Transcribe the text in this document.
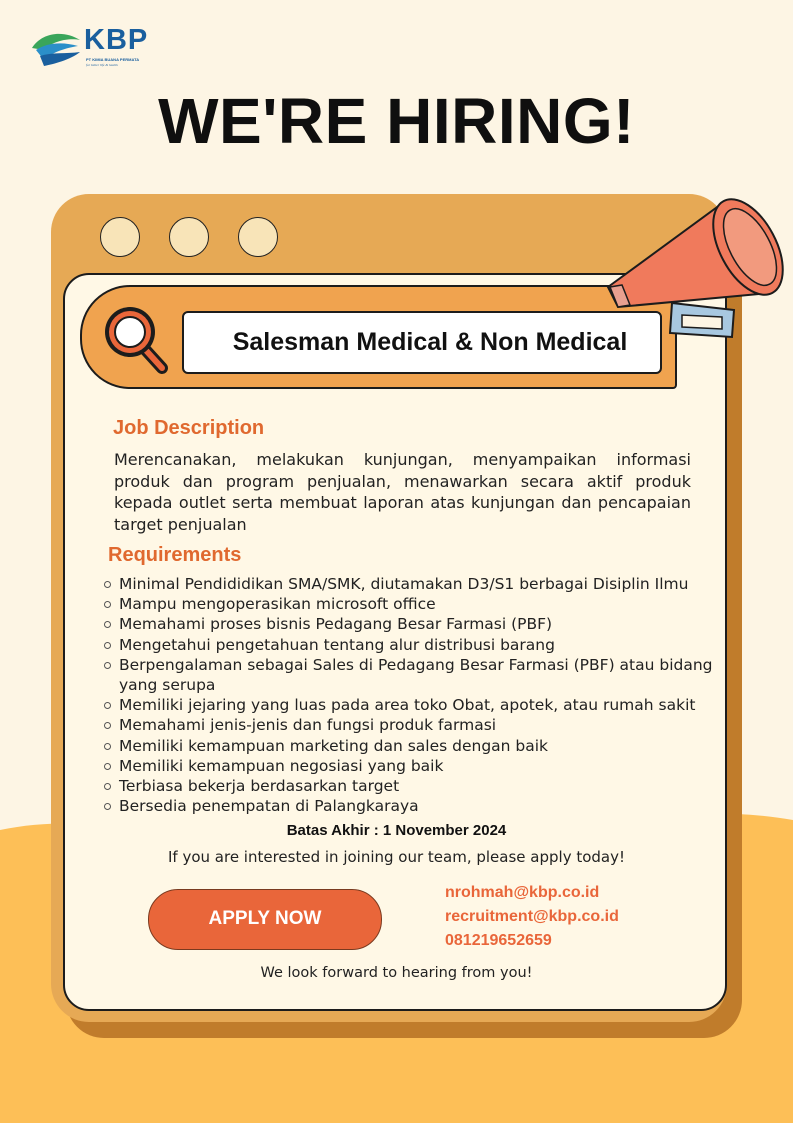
KBP
PT KIMIA BUANA PERMATA
for better life & health
WE'RE HIRING!
Salesman Medical & Non Medical
Job Description
Merencanakan, melakukan kunjungan, menyampaikan informasi produk dan program penjualan, menawarkan secara aktif produk kepada outlet serta membuat laporan atas kunjungan dan pencapaian target penjualan
Requirements
Minimal Pendididikan SMA/SMK, diutamakan D3/S1 berbagai Disiplin Ilmu
Mampu mengoperasikan microsoft office
Memahami proses bisnis Pedagang Besar Farmasi (PBF)
Mengetahui pengetahuan tentang alur distribusi barang
Berpengalaman sebagai Sales di Pedagang Besar Farmasi (PBF) atau bidang yang serupa
Memiliki jejaring yang luas pada area toko Obat, apotek, atau rumah sakit
Memahami jenis-jenis dan fungsi produk farmasi
Memiliki kemampuan marketing dan sales dengan baik
Memiliki kemampuan negosiasi yang baik
Terbiasa bekerja berdasarkan target
Bersedia penempatan di Palangkaraya
Batas Akhir : 1 November 2024
If you are interested in joining our team, please apply today!
APPLY NOW
nrohmah@kbp.co.id
recruitment@kbp.co.id
081219652659
We look forward to hearing from you!
